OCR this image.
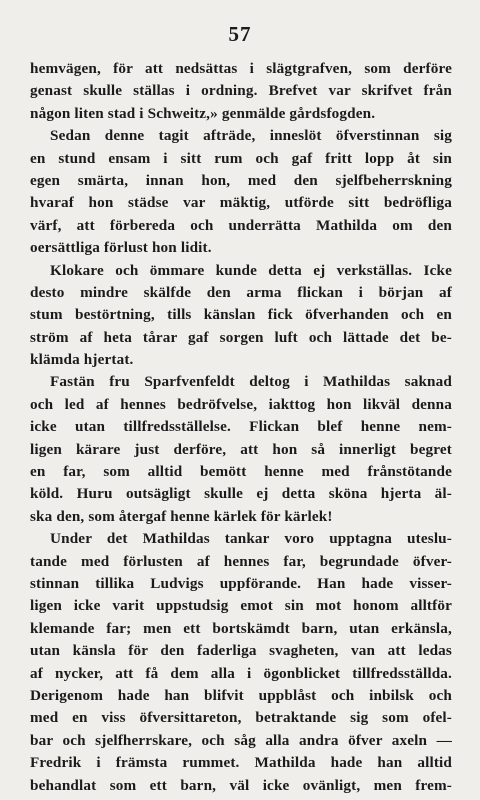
57
hemvägen, för att nedsättas i slägtgrafven, som derföre
genast skulle ställas i ordning. Brefvet var skrifvet från
någon liten stad i Schweitz,» genmälde gårdsfogden.
Sedan denne tagit afträde, inneslöt öfverstinnan sig
en stund ensam i sitt rum och gaf fritt lopp åt sin
egen smärta, innan hon, med den sjelfbeherrskning
hvaraf hon städse var mäktig, utförde sitt bedröfliga
värf, att förbereda och underrätta Mathilda om den
oersättliga förlust hon lidit.
Klokare och ömmare kunde detta ej verkställas. Icke
desto mindre skälfde den arma flickan i början af
stum bestörtning, tills känslan fick öfverhanden och en
ström af heta tårar gaf sorgen luft och lättade det be-
klämda hjertat.
Fastän fru Sparfvenfeldt deltog i Mathildas saknad
och led af hennes bedröfvelse, iakttog hon likväl denna
icke utan tillfredsställelse. Flickan blef henne nem-
ligen kärare just derföre, att hon så innerligt begret
en far, som alltid bemött henne med frånstötande
köld. Huru outsägligt skulle ej detta sköna hjerta äl-
ska den, som återgaf henne kärlek för kärlek!
Under det Mathildas tankar voro upptagna uteslu-
tande med förlusten af hennes far, begrundade öfver-
stinnan tillika Ludvigs uppförande. Han hade visser-
ligen icke varit uppstudsig emot sin mot honom alltför
klemande far; men ett bortskämdt barn, utan erkänsla,
utan känsla för den faderliga svagheten, van att ledas
af nycker, att få dem alla i ögonblicket tillfredsställda.
Derigenom hade han blifvit uppblåst och inbilsk och
med en viss öfversittareton, betraktande sig som ofel-
bar och sjelfherrskare, och såg alla andra öfver axeln —
Fredrik i främsta rummet. Mathilda hade han alltid
behandlat som ett barn, väl icke ovänligt, men frem-
